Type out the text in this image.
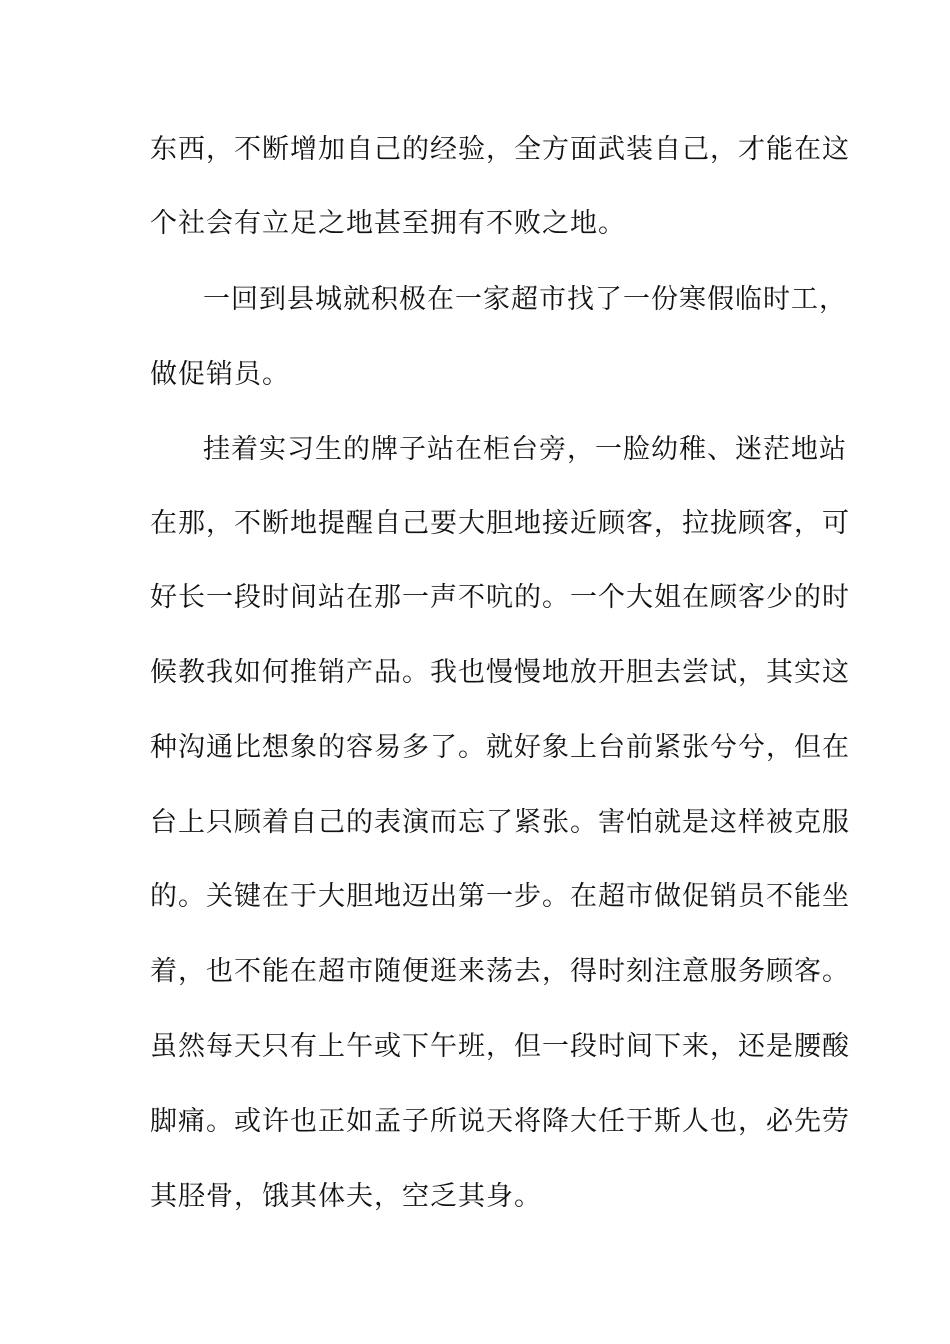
东西，不断增加自己的经验，全方面武装自己，才能在这
个社会有立足之地甚至拥有不败之地。
一回到县城就积极在一家超市找了一份寒假临时工，
做促销员。
挂着实习生的牌子站在柜台旁，一脸幼稚、迷茫地站
在那，不断地提醒自己要大胆地接近顾客，拉拢顾客，可
好长一段时间站在那一声不吭的。一个大姐在顾客少的时
候教我如何推销产品。我也慢慢地放开胆去尝试，其实这
种沟通比想象的容易多了。就好象上台前紧张兮兮，但在
台上只顾着自己的表演而忘了紧张。害怕就是这样被克服
的。关键在于大胆地迈出第一步。在超市做促销员不能坐
着，也不能在超市随便逛来荡去，得时刻注意服务顾客。
虽然每天只有上午或下午班，但一段时间下来，还是腰酸
脚痛。或许也正如孟子所说天将降大任于斯人也，必先劳
其胫骨，饿其体夫，空乏其身。
